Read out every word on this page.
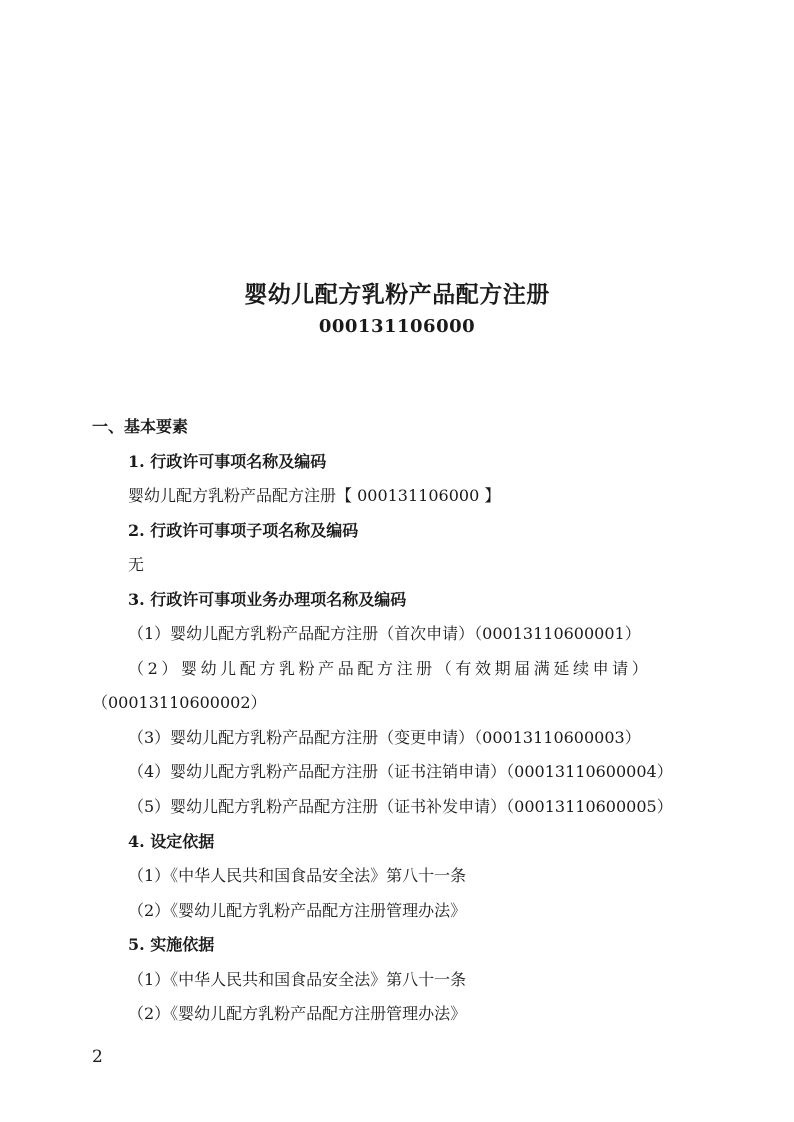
婴幼儿配方乳粉产品配方注册
000131106000
一、基本要素
1. 行政许可事项名称及编码
婴幼儿配方乳粉产品配方注册【 000131106000 】
2. 行政许可事项子项名称及编码
无
3. 行政许可事项业务办理项名称及编码
（1）婴幼儿配方乳粉产品配方注册（首次申请）（00013110600001）
（2）婴幼儿配方乳粉产品配方注册（有效期届满延续申请）
（00013110600002）
（3）婴幼儿配方乳粉产品配方注册（变更申请）（00013110600003）
（4）婴幼儿配方乳粉产品配方注册（证书注销申请）（00013110600004）
（5）婴幼儿配方乳粉产品配方注册（证书补发申请）（00013110600005）
4. 设定依据
（1）《中华人民共和国食品安全法》第八十一条
（2）《婴幼儿配方乳粉产品配方注册管理办法》
5. 实施依据
（1）《中华人民共和国食品安全法》第八十一条
（2）《婴幼儿配方乳粉产品配方注册管理办法》
2
